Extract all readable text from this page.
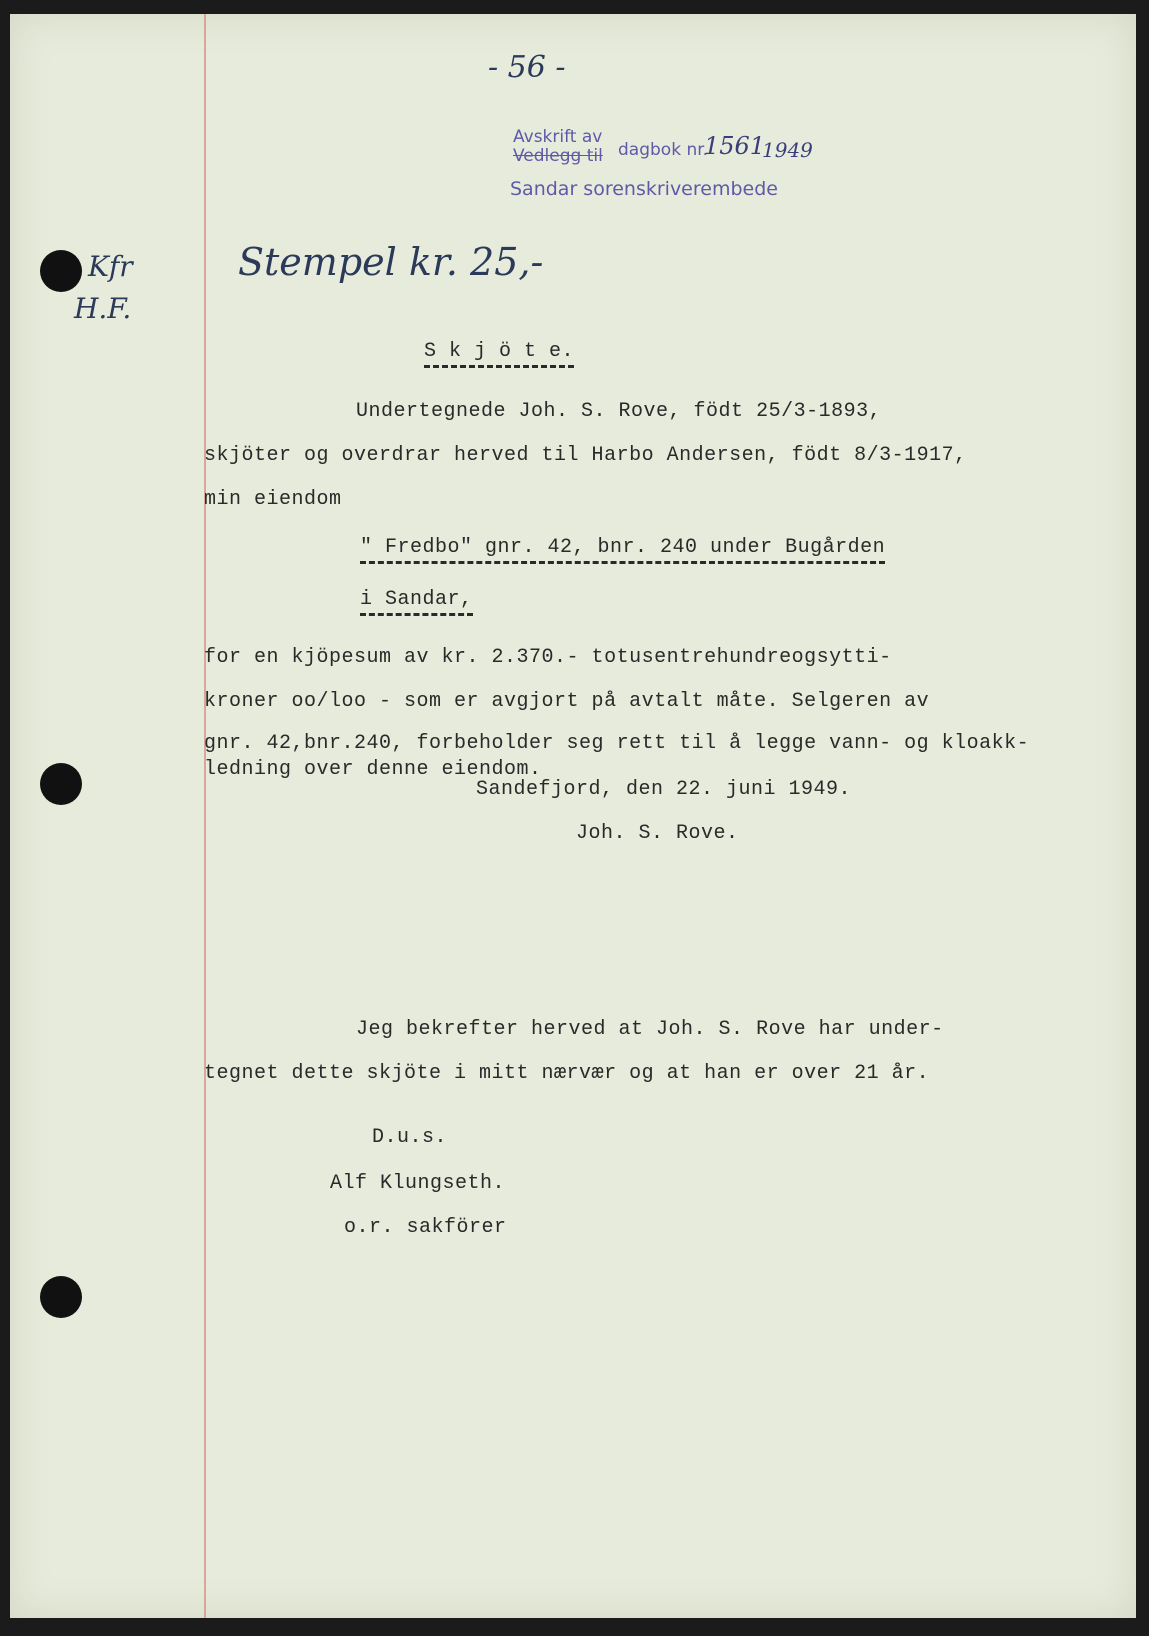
- 56 -
Avskrift av
Vedlegg til dagbok nr.
1561
1949
Sandar sorenskriverembede
Stempel kr. 25,-
Kfr
H.F.
S k j ö t e.
Undertegnede Joh. S. Rove, födt 25/3-1893,
skjöter og overdrar herved til Harbo Andersen, födt 8/3-1917,
min eiendom
" Fredbo" gnr. 42, bnr. 240 under Bugården
i Sandar,
for en kjöpesum av kr. 2.370.- totusentrehundreogsytti-
kroner oo/loo - som er avgjort på avtalt måte. Selgeren av
gnr. 42,bnr.240, forbeholder seg rett til å legge vann- og kloakk-
ledning over denne eiendom.
Sandefjord, den 22. juni 1949.
Joh. S. Rove.
Jeg bekrefter herved at Joh. S. Rove har under-
tegnet dette skjöte i mitt nærvær og at han er over 21 år.
D.u.s.
Alf Klungseth.
o.r. sakförer
